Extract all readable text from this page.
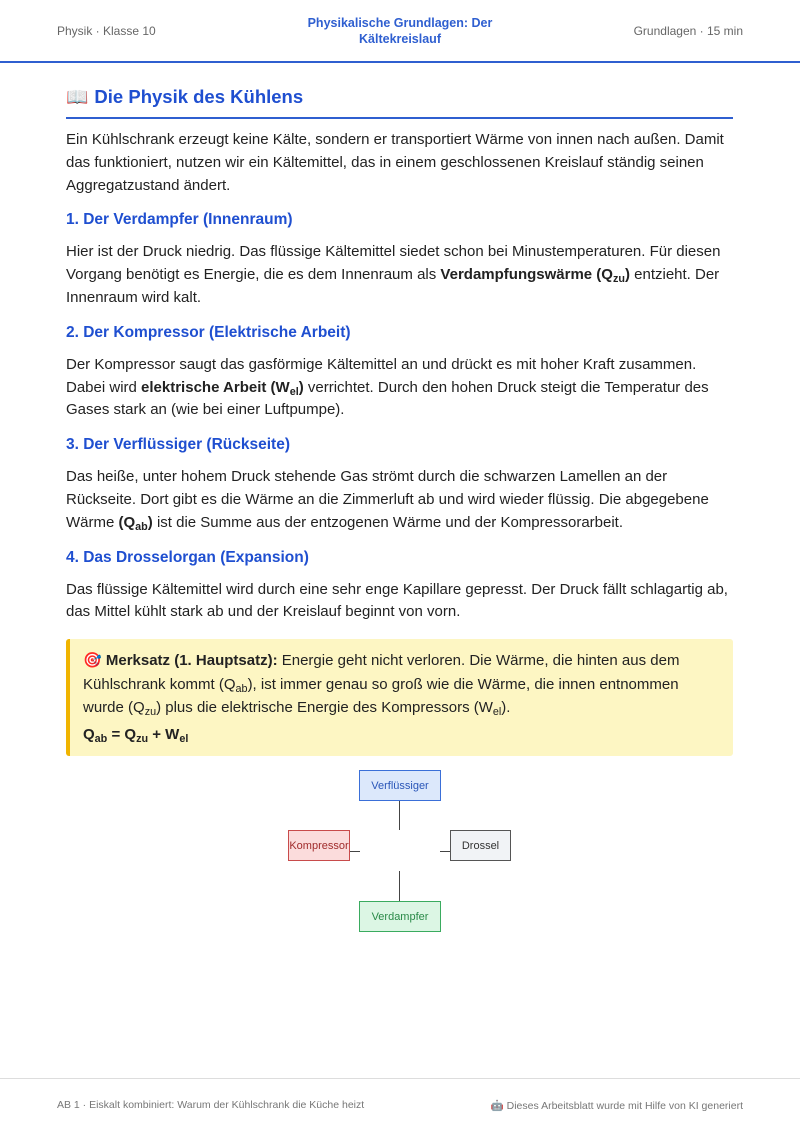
Physik · Klasse 10
Physikalische Grundlagen: Der Kältekreislauf
Grundlagen · 15 min
📖 Die Physik des Kühlens

Ein Kühlschrank erzeugt keine Kälte, sondern er transportiert Wärme von innen nach außen. Damit das funktioniert, nutzen wir ein Kältemittel, das in einem geschlossenen Kreislauf ständig seinen Aggregatzustand ändert.

1. Der Verdampfer (Innenraum)

Hier ist der Druck niedrig. Das flüssige Kältemittel siedet schon bei Minustemperaturen. Für diesen Vorgang benötigt es Energie, die es dem Innenraum als Verdampfungswärme $(Q_{zu})$ entzieht. Der Innenraum wird kalt.

2. Der Kompressor (Elektrische Arbeit)

Der Kompressor saugt das gasförmige Kältemittel an und drückt es mit hoher Kraft zusammen. Dabei wird elektrische Arbeit $(W_{el})$ verrichtet. Durch den hohen Druck steigt die Temperatur des Gases stark an (wie bei einer Luftpumpe).

3. Der Verflüssiger (Rückseite)

Das heiße, unter hohem Druck stehende Gas strömt durch die schwarzen Lamellen an der Rückseite. Dort gibt es die Wärme an die Zimmerluft ab und wird wieder flüssig. Die abgegebene Wärme $(Q_{ab})$ ist die Summe aus der entzogenen Wärme und der Kompressorarbeit.

4. Das Drosselorgan (Expansion)

Das flüssige Kältemittel wird durch eine sehr enge Kapillare gepresst. Der Druck fällt schlagartig ab, das Mittel kühlt stark ab und der Kreislauf beginnt von vorn.

🎯 Merksatz (1. Hauptsatz): Energie geht nicht verloren. Die Wärme, die hinten aus dem Kühlschrank kommt $(Q_{ab})$, ist immer genau so groß wie die Wärme, die innen entnommen wurde $(Q_{zu})$ plus die elektrische Energie des Kompressors $(W_{el})$.
$Q_{ab} = Q_{zu} + W_{el}$
Verflüssiger
Kompressor	Drossel
Verdampfer
AB 1 · Eiskalt kombiniert: Warum der Kühlschrank die Küche heizt	🤖 Dieses Arbeitsblatt wurde mit Hilfe von KI generiert
